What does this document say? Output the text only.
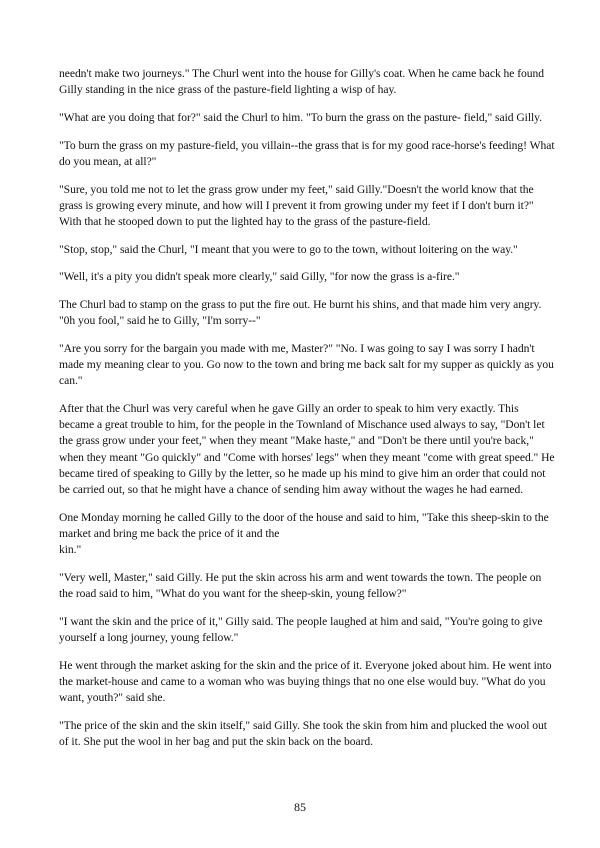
needn't make two journeys." The Churl went into the house for Gilly's coat. When he came back he found Gilly standing in the nice grass of the pasture-field lighting a wisp of hay.

"What are you doing that for?" said the Churl to him. "To burn the grass on the pasture- field," said Gilly.

"To burn the grass on my pasture-field, you villain--the grass that is for my good race-horse's feeding! What do you mean, at all?"

"Sure, you told me not to let the grass grow under my feet," said Gilly."Doesn't the world know that the grass is growing every minute, and how will I prevent it from growing under my feet if I don't burn it?" With that he stooped down to put the lighted hay to the grass of the pasture-field.

"Stop, stop," said the Churl, "I meant that you were to go to the town, without loitering on the way."

"Well, it's a pity you didn't speak more clearly," said Gilly, "for now the grass is a-fire."

The Churl bad to stamp on the grass to put the fire out. He burnt his shins, and that made him very angry. "0h you fool," said he to Gilly, "I'm sorry--"

"Are you sorry for the bargain you made with me, Master?" "No. I was going to say I was sorry I hadn't made my meaning clear to you. Go now to the town and bring me back salt for my supper as quickly as you can."

After that the Churl was very careful when he gave Gilly an order to speak to him very exactly. This became a great trouble to him, for the people in the Townland of Mischance used always to say, "Don't let the grass grow under your feet," when they meant "Make haste," and "Don't be there until you're back," when they meant "Go quickly" and "Come with horses' legs" when they meant "come with great speed." He became tired of speaking to Gilly by the letter, so he made up his mind to give him an order that could not be carried out, so that he might have a chance of sending him away without the wages he had earned.

One Monday morning he called Gilly to the door of the house and said to him, "Take this sheep-skin to the market and bring me back the price of it and the
kin."

"Very well, Master," said Gilly. He put the skin across his arm and went towards the town. The people on the road said to him, "What do you want for the sheep-skin, young fellow?"

"I want the skin and the price of it," Gilly said. The people laughed at him and said, "You're going to give yourself a long journey, young fellow."

He went through the market asking for the skin and the price of it. Everyone joked about him. He went into the market-house and came to a woman who was buying things that no one else would buy. "What do you want, youth?" said she.

"The price of the skin and the skin itself," said Gilly. She took the skin from him and plucked the wool out of it. She put the wool in her bag and put the skin back on the board.

85
